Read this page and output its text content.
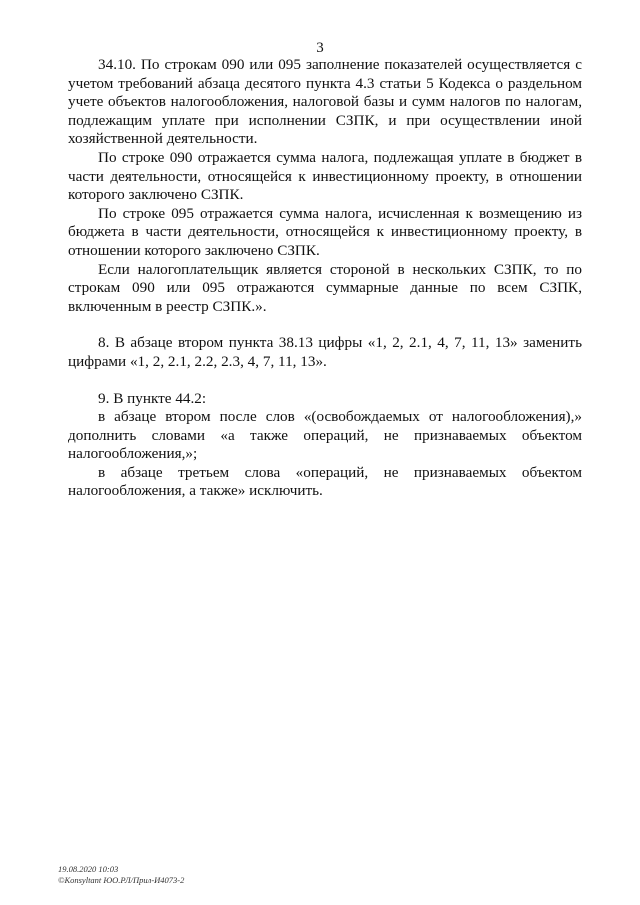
3

34.10. По строкам 090 или 095 заполнение показателей осуществляется с учетом требований абзаца десятого пункта 4.3 статьи 5 Кодекса о раздельном учете объектов налогообложения, налоговой базы и сумм налогов по налогам, подлежащим уплате при исполнении СЗПК, и при осуществлении иной хозяйственной деятельности.

По строке 090 отражается сумма налога, подлежащая уплате в бюджет в части деятельности, относящейся к инвестиционному проекту, в отношении которого заключено СЗПК.

По строке 095 отражается сумма налога, исчисленная к возмещению из бюджета в части деятельности, относящейся к инвестиционному проекту, в отношении которого заключено СЗПК.

Если налогоплательщик является стороной в нескольких СЗПК, то по строкам 090 или 095 отражаются суммарные данные по всем СЗПК, включенным в реестр СЗПК.».

8. В абзаце втором пункта 38.13 цифры «1, 2, 2.1, 4, 7, 11, 13» заменить цифрами «1, 2, 2.1, 2.2, 2.3, 4, 7, 11, 13».

9. В пункте 44.2:

в абзаце втором после слов «(освобождаемых от налогообложения),» дополнить словами «а также операций, не признаваемых объектом налогообложения,»;

в абзаце третьем слова «операций, не признаваемых объектом налогообложения, а также» исключить.

19.08.2020 10:03
©Konsyltant ЮО.РЛ/Прил-И4073-2
